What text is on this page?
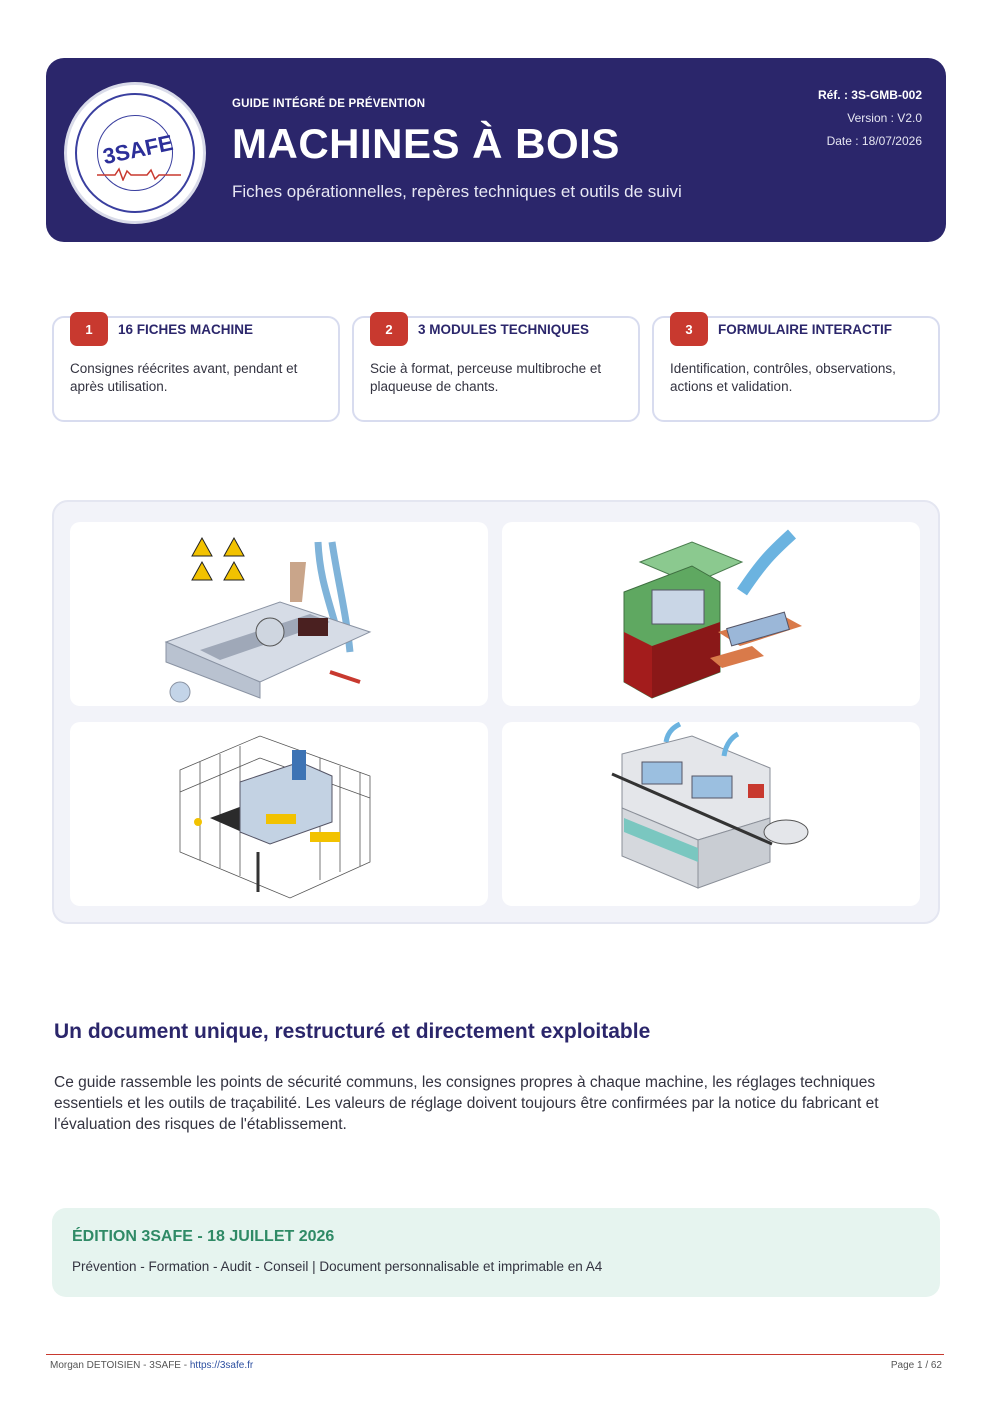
3SAFE
GUIDE INTÉGRÉ DE PRÉVENTION
MACHINES À BOIS
Fiches opérationnelles, repères techniques et outils de suivi
Réf. : 3S-GMB-002
Version : V2.0
Date : 18/07/2026
1	16 FICHES MACHINE
Consignes réécrites avant, pendant et après utilisation.
2	3 MODULES TECHNIQUES
Scie à format, perceuse multibroche et plaqueuse de chants.
3	FORMULAIRE INTERACTIF
Identification, contrôles, observations, actions et validation.
Un document unique, restructuré et directement exploitable
Ce guide rassemble les points de sécurité communs, les consignes propres à chaque machine, les réglages techniques essentiels et les outils de traçabilité. Les valeurs de réglage doivent toujours être confirmées par la notice du fabricant et l'évaluation des risques de l'établissement.
ÉDITION 3SAFE - 18 JUILLET 2026
Prévention - Formation - Audit - Conseil | Document personnalisable et imprimable en A4
Morgan DETOISIEN - 3SAFE - https://3safe.fr	Page 1 / 62
